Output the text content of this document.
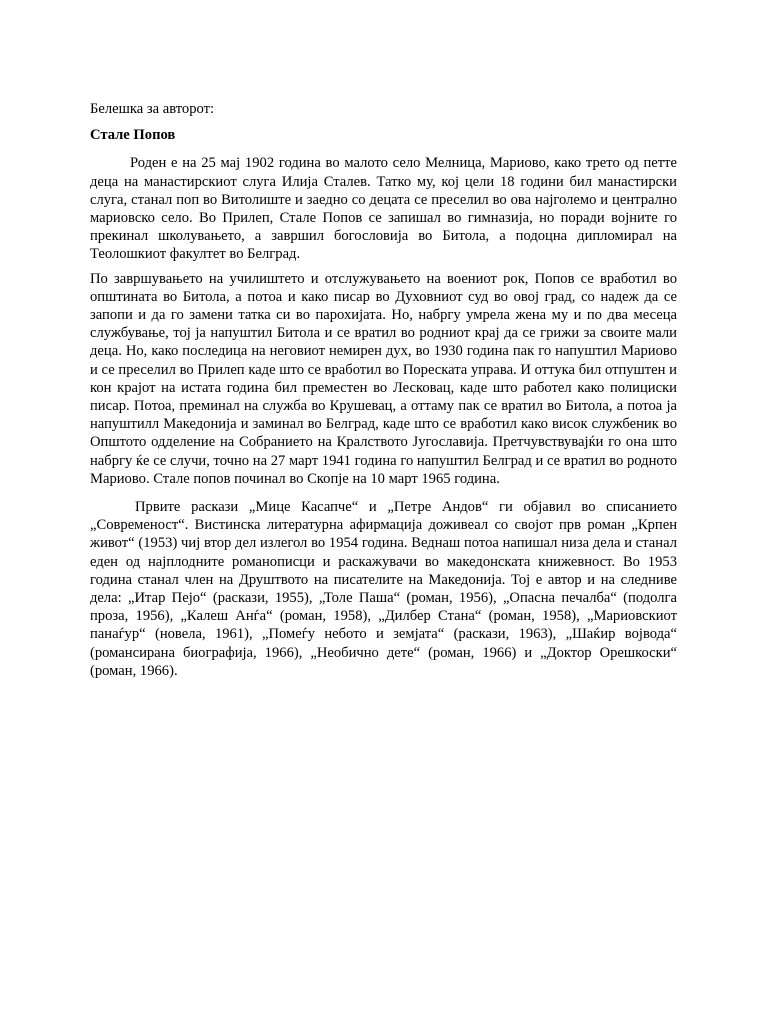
Белешка за авторот:

Стале Попов

Роден е на 25 мај 1902 година во малото село Мелница, Мариово, како трето од петте деца на манастирскиот слуга Илија Сталев. Татко му, кој цели 18 години бил манастирски слуга, станал поп во Витолиште и заедно со децата се преселил во ова најголемо и централно мариовско село. Во Прилеп, Стале Попов се запишал во гимназија, но поради војните го прекинал школувањето, а завршил богословија во Битола, а подоцна дипломирал на Теолошкиот факултет во Белград.

По завршувањето на училиштето и отслужувањето на воениот рок, Попов се вработил во општината во Битола, а потоа и како писар во Духовниот суд во овој град, со надеж да се запопи и да го замени татка си во парохијата. Но, набргу умрела жена му и по два месеца службување, тој ја напуштил Битола и се вратил во родниот крај да се грижи за своите мали деца. Но, како последица на неговиот немирен дух, во 1930 година пак го напуштил Мариово и се преселил во Прилеп каде што се вработил во Пореската управа. И оттука бил отпуштен и кон крајот на истата година бил преместен во Лесковац, каде што работел како полициски писар. Потоа, преминал на служба во Крушевац, а оттаму пак се вратил во Битола, а потоа ја напуштилл Македонија и заминал во Белград, каде што се вработил како висок службеник во Општото одделение на Собранието на Кралството Југославија. Претчувствувајќи го она што набргу ќе се случи, точно на 27 март 1941 година го напуштил Белград и се вратил во родното Мариово. Стале попов починал во Скопје на 10 март 1965 година.

Првите раскази „Мице Касапче“ и „Петре Андов“ ги објавил во списанието „Современост“. Вистинска литературна афирмација доживеал со својот прв роман „Крпен живот“ (1953) чиј втор дел излегол во 1954 година. Веднаш потоа напишал низа дела и станал еден од најплодните романописци и раскажувачи во македонската книжевност. Во 1953 година станал член на Друштвото на писателите на Македонија. Тој е автор и на следниве дела: „Итар Пејо“ (раскази, 1955), „Толе Паша“ (роман, 1956), „Опасна печалба“ (подолга проза, 1956), „Калеш Анѓа“ (роман, 1958), „Дилбер Стана“ (роман, 1958), „Мариовскиот панаѓур“ (новела, 1961), „Помеѓу небото и земјата“ (раскази, 1963), „Шаќир војвода“ (романсирана биографија, 1966), „Необично дете“ (роман, 1966) и „Доктор Орешкоски“ (роман, 1966).
